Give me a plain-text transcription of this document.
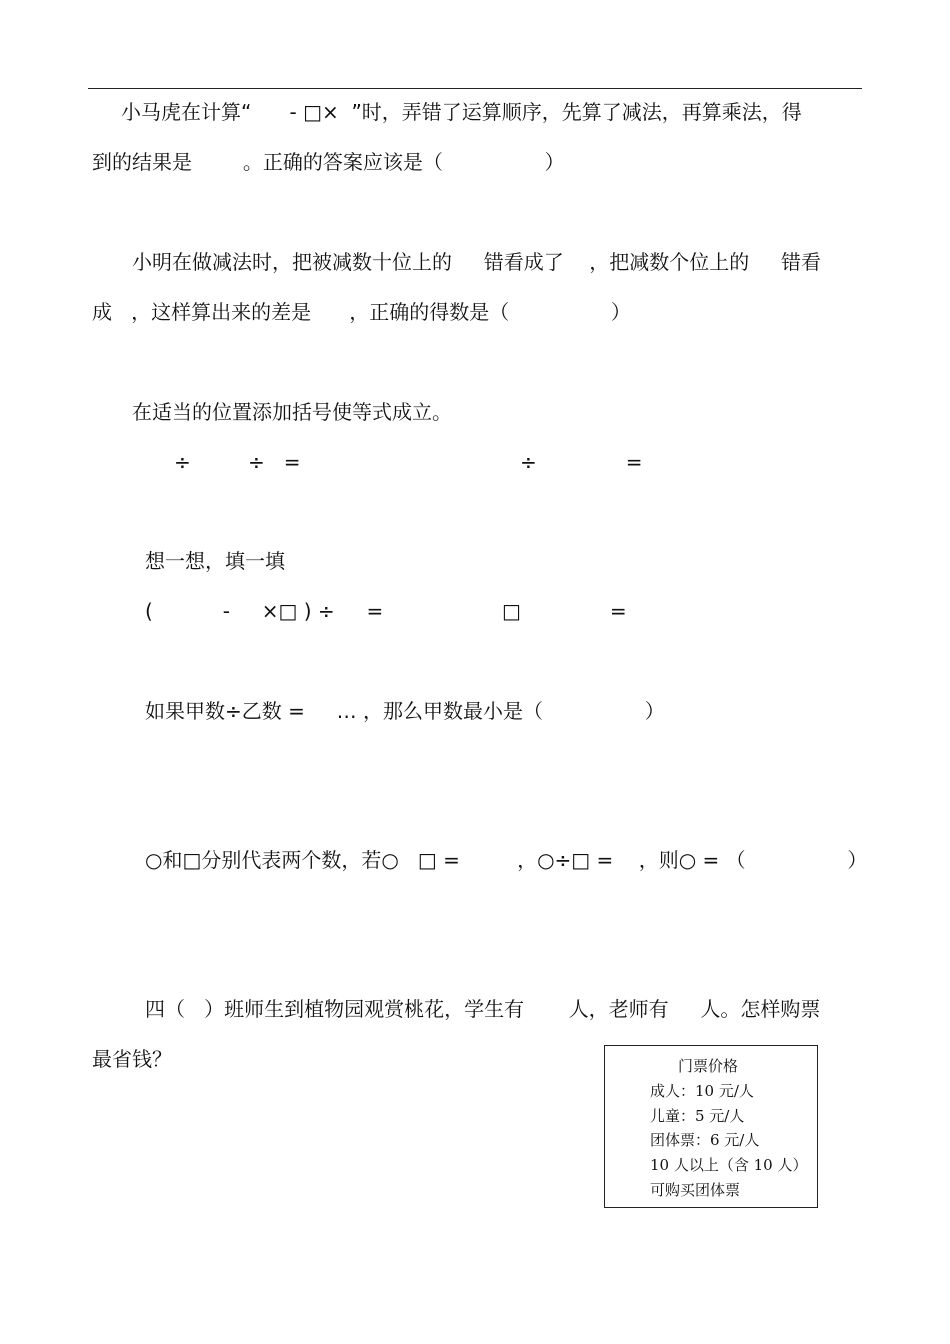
小马虎在计算“      - □×  ”时，弄错了运算顺序，先算了减法，再算乘法，得
到的结果是        。正确的答案应该是（                ）
小明在做减法时，把被减数十位上的     错看成了    ，把减数个位上的     错看
成   ，这样算出来的差是      ，正确的得数是（                ）
在适当的位置添加括号使等式成立。
÷         ÷   =	÷              =
想一想，填一填
(           -     ×□ ) ÷     =	□              =
如果甲数÷乙数 =     … ，那么甲数最小是（                ）
○和□分别代表两个数，若○   □ =         ，○÷□ =    ，则○ = （                ）
四（   ）班师生到植物园观赏桃花，学生有       人，老师有     人。怎样购票
最省钱？	门票价格
成人：10 元/人
儿童：5 元/人
团体票：6 元/人
10 人以上（含 10 人）
可购买团体票
